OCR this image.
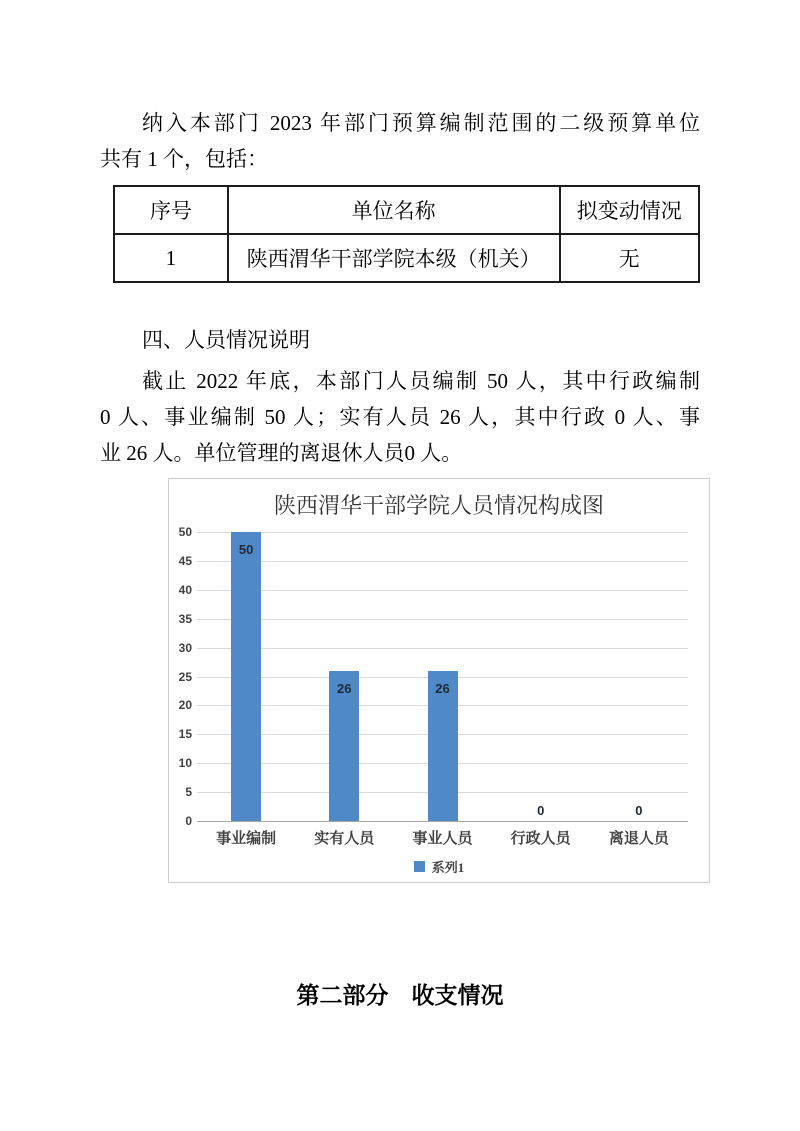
纳入本部门 2023 年部门预算编制范围的二级预算单位
共有 1 个，包括：
序号	单位名称	拟变动情况
1	陕西渭华干部学院本级（机关）	无
四、人员情况说明
截止 2022 年底，本部门人员编制 50 人，其中行政编制
0 人、事业编制 50 人；实有人员 26 人，其中行政 0 人、事
业 26 人。单位管理的离退休人员0 人。
陕西渭华干部学院人员情况构成图
0
5
10
15
20
25
30
35
40
45
50
50
事业编制
26
实有人员
26
事业人员
0
行政人员
0
离退人员
系列1
第二部分　收支情况
